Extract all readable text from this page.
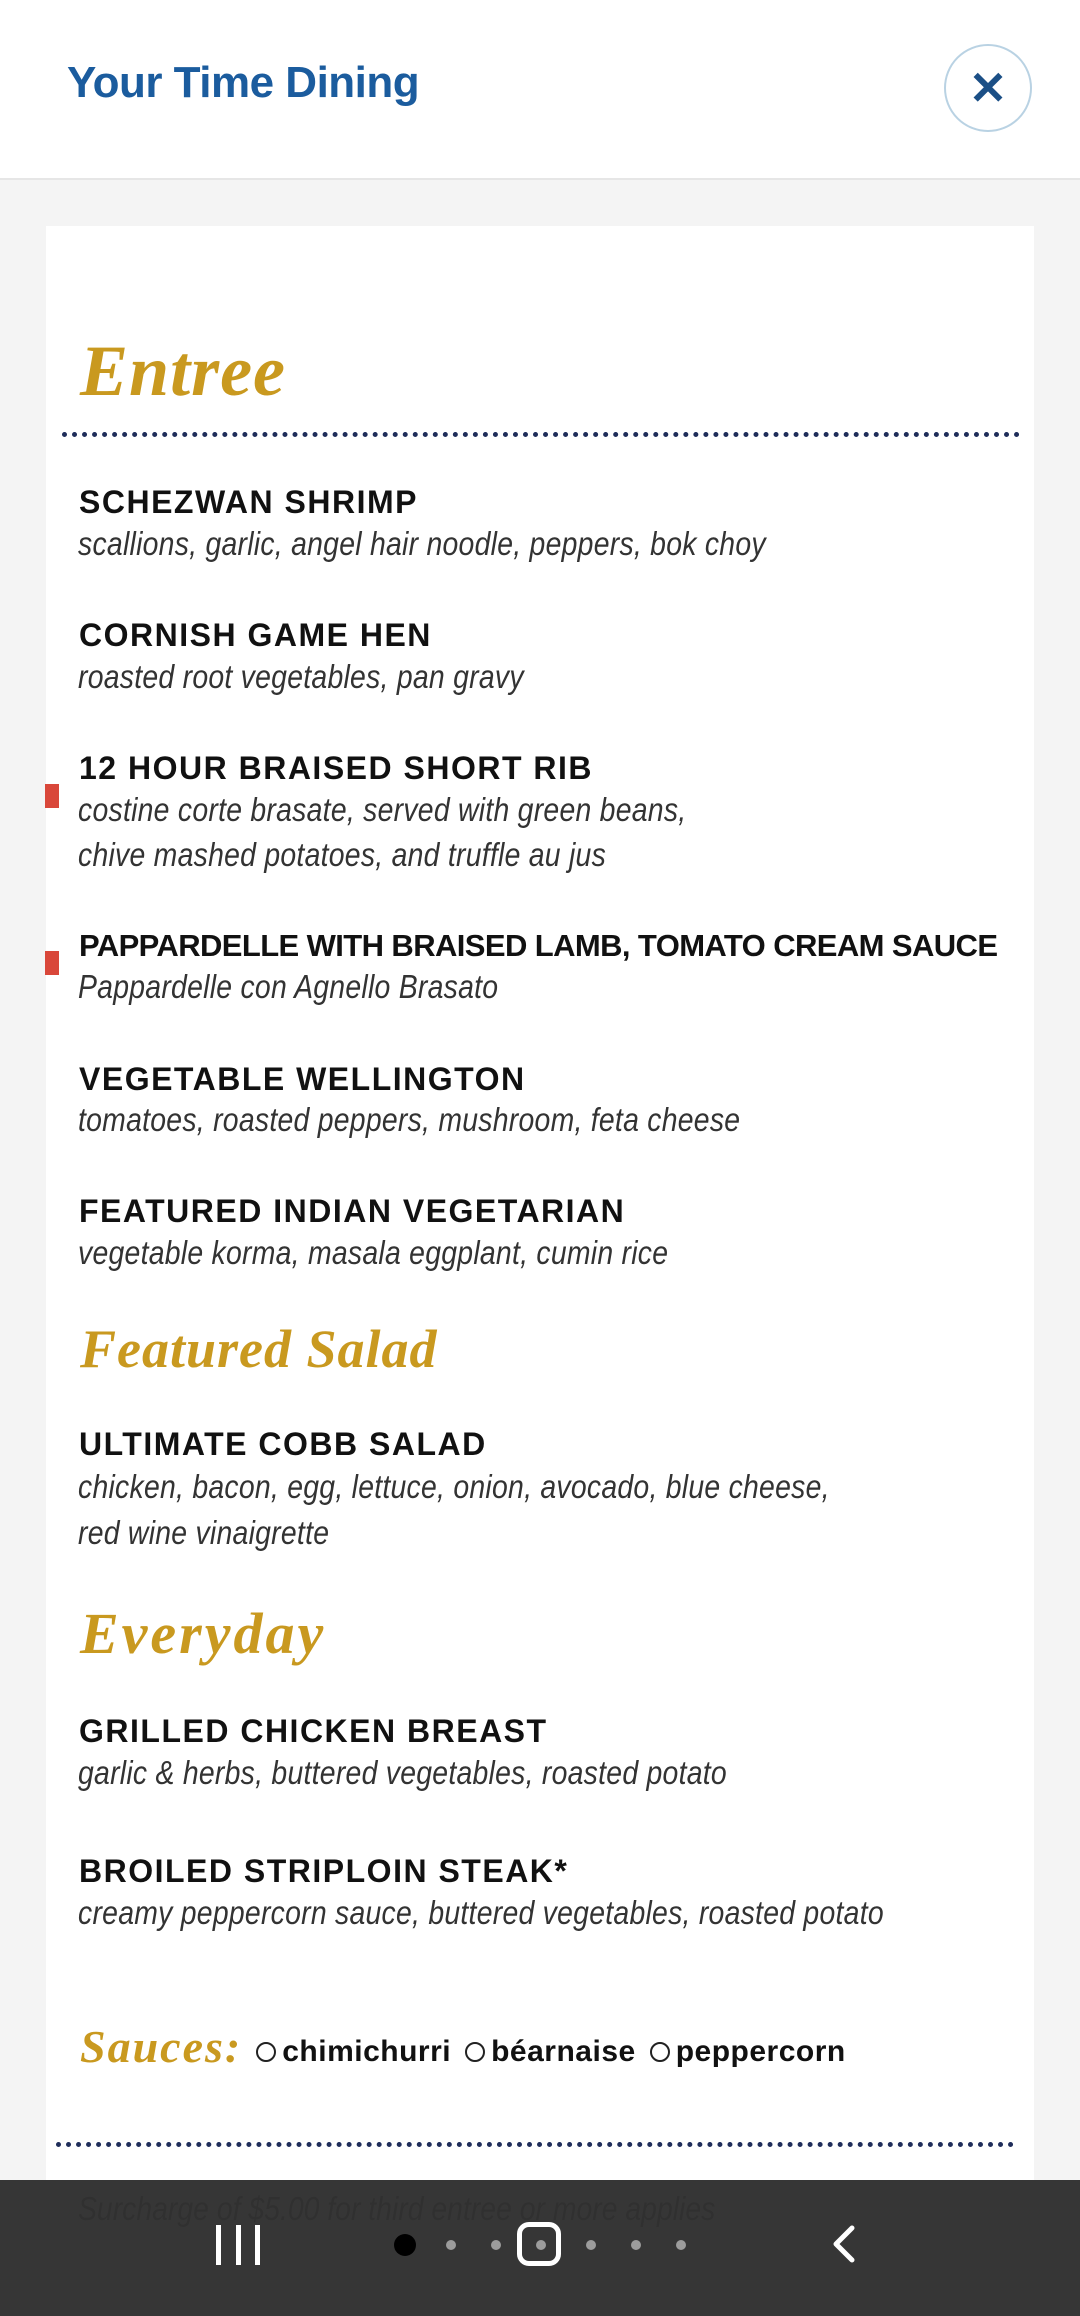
Your Time Dining	✕
Entree
SCHEZWAN SHRIMP
scallions, garlic, angel hair noodle, peppers, bok choy
CORNISH GAME HEN
roasted root vegetables, pan gravy
12 HOUR BRAISED SHORT RIB
costine corte brasate, served with green beans,
chive mashed potatoes, and truffle au jus
PAPPARDELLE WITH BRAISED LAMB, TOMATO CREAM SAUCE
Pappardelle con Agnello Brasato
VEGETABLE WELLINGTON
tomatoes, roasted peppers, mushroom, feta cheese
FEATURED INDIAN VEGETARIAN
vegetable korma, masala eggplant, cumin rice
Featured Salad
ULTIMATE COBB SALAD
chicken, bacon, egg, lettuce, onion, avocado, blue cheese,
red wine vinaigrette
Everyday
GRILLED CHICKEN BREAST
garlic & herbs, buttered vegetables, roasted potato
BROILED STRIPLOIN STEAK*
creamy peppercorn sauce, buttered vegetables, roasted potato
Sauces: chimichurri béarnaise peppercorn
